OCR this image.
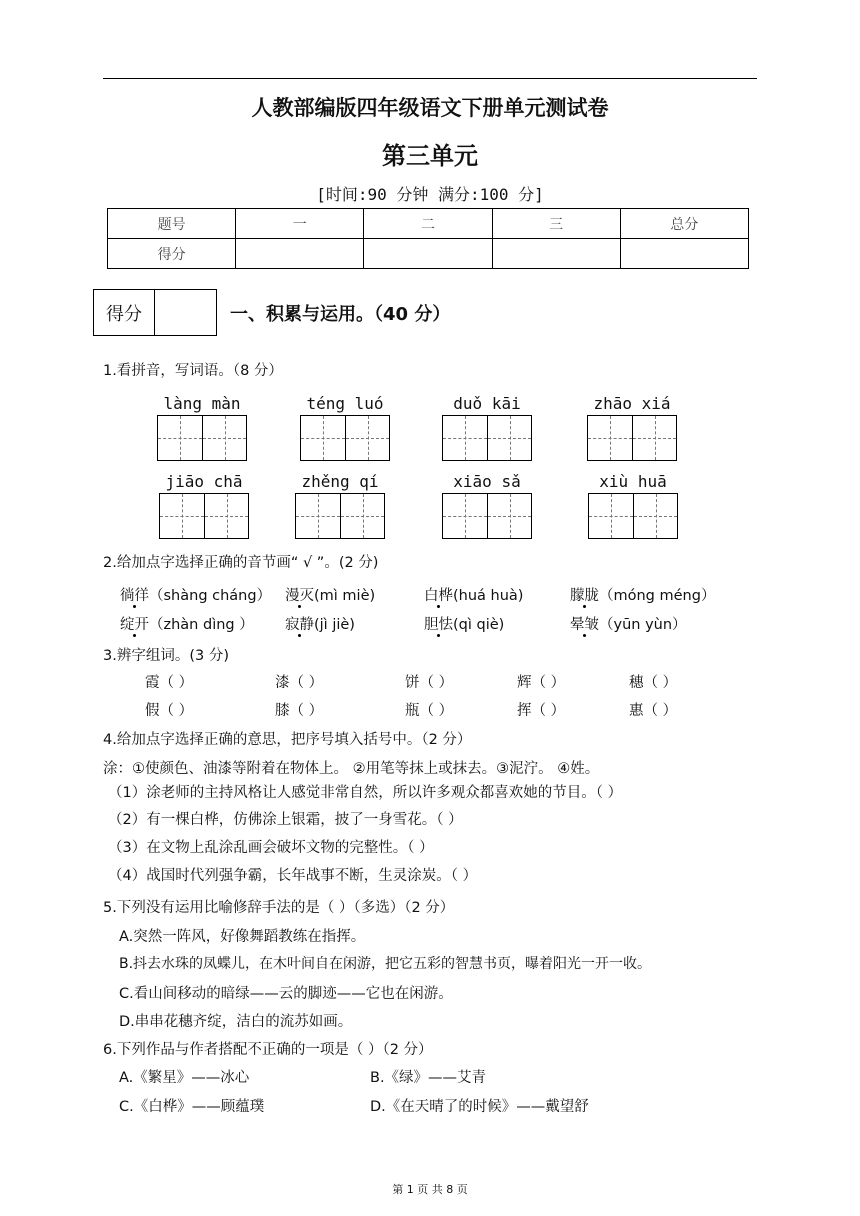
人教部编版四年级语文下册单元测试卷
第三单元
[时间:90 分钟 满分:100 分]
题号	一	二	三	总分
得分				
得分	一、积累与运用。（40 分）
1.看拼音，写词语。（8 分）
làng màn	téng luó	duǒ kāi	zhāo xiá
jiāo chā	zhěng qí	xiāo sǎ	xiù huā
2.给加点字选择正确的音节画“ √ ”。(2 分)
徜徉（shàng cháng） 漫灭(mì miè)	白桦(huá huà)	朦胧（móng méng）
绽开（zhàn dìng ） 寂静(jì jiè)	胆怯(qì qiè)	晕皱（yūn yùn）
3.辨字组词。(3 分)
霞（ ）	漆（ ）	饼（ ）	辉（ ）	穗（ ）
假（ ）	膝（ ）	瓶（ ）	挥（ ）	惠（ ）
4.给加点字选择正确的意思，把序号填入括号中。（2 分）
涂：①使颜色、油漆等附着在物体上。 ②用笔等抹上或抹去。③泥泞。 ④姓。
（1）涂老师的主持风格让人感觉非常自然，所以许多观众都喜欢她的节目。（ ）
（2）有一棵白桦，仿佛涂上银霜，披了一身雪花。（ ）
（3）在文物上乱涂乱画会破坏文物的完整性。（ ）
（4）战国时代列强争霸，长年战事不断，生灵涂炭。（ ）
5.下列没有运用比喻修辞手法的是（ ）（多选）（2 分）
A.突然一阵风，好像舞蹈教练在指挥。
B.抖去水珠的凤蝶儿，在木叶间自在闲游，把它五彩的智慧书页，曝着阳光一开一收。
C.看山间移动的暗绿——云的脚迹——它也在闲游。
D.串串花穗齐绽，洁白的流苏如画。
6.下列作品与作者搭配不正确的一项是（ ）（2 分）
A.《繁星》——冰心	B.《绿》——艾青
C.《白桦》——顾蕴璞	D.《在天晴了的时候》——戴望舒
第 1 页 共 8 页
